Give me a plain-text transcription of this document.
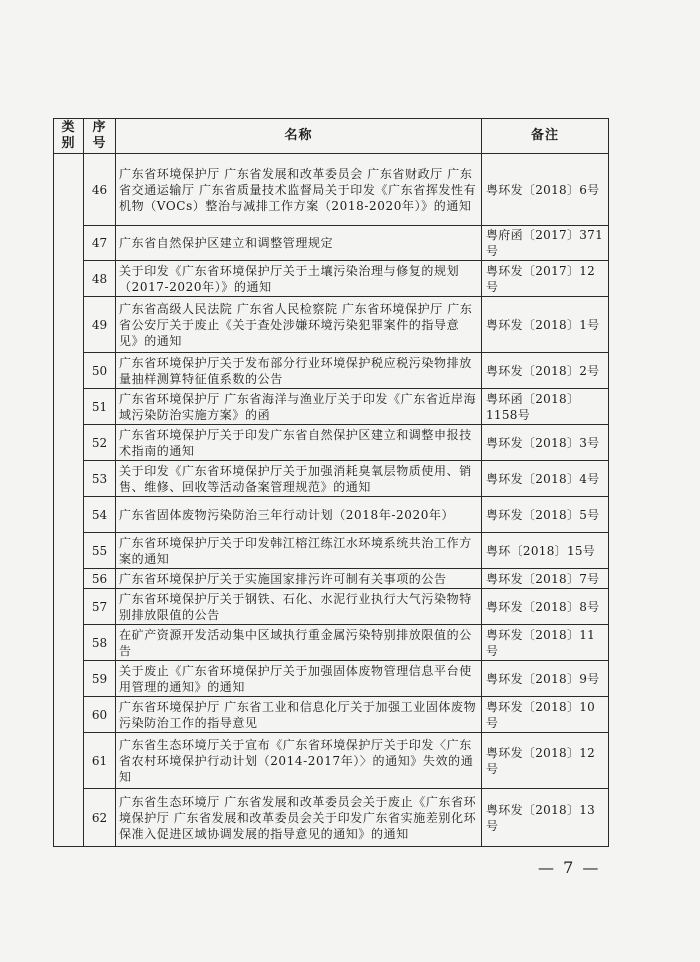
类别	序号	名称	备注
	46	广东省环境保护厅 广东省发展和改革委员会 广东省财政厅 广东省交通运输厅 广东省质量技术监督局关于印发《广东省挥发性有机物（VOCs）整治与减排工作方案（2018-2020年）》的通知	粤环发〔2018〕6号
	47	广东省自然保护区建立和调整管理规定	粤府函〔2017〕371号
	48	关于印发《广东省环境保护厅关于土壤污染治理与修复的规划（2017-2020年）》的通知	粤环发〔2017〕12号
	49	广东省高级人民法院 广东省人民检察院 广东省环境保护厅 广东省公安厅关于废止《关于查处涉嫌环境污染犯罪案件的指导意见》的通知	粤环发〔2018〕1号
	50	广东省环境保护厅关于发布部分行业环境保护税应税污染物排放量抽样测算特征值系数的公告	粤环发〔2018〕2号
	51	广东省环境保护厅 广东省海洋与渔业厅关于印发《广东省近岸海域污染防治实施方案》的函	粤环函〔2018〕1158号
	52	广东省环境保护厅关于印发广东省自然保护区建立和调整申报技术指南的通知	粤环发〔2018〕3号
	53	关于印发《广东省环境保护厅关于加强消耗臭氧层物质使用、销售、维修、回收等活动备案管理规范》的通知	粤环发〔2018〕4号
	54	广东省固体废物污染防治三年行动计划（2018年-2020年）	粤环发〔2018〕5号
	55	广东省环境保护厅关于印发韩江榕江练江水环境系统共治工作方案的通知	粤环〔2018〕15号
	56	广东省环境保护厅关于实施国家排污许可制有关事项的公告	粤环发〔2018〕7号
	57	广东省环境保护厅关于钢铁、石化、水泥行业执行大气污染物特别排放限值的公告	粤环发〔2018〕8号
	58	在矿产资源开发活动集中区域执行重金属污染特别排放限值的公告	粤环发〔2018〕11号
	59	关于废止《广东省环境保护厅关于加强固体废物管理信息平台使用管理的通知》的通知	粤环发〔2018〕9号
	60	广东省环境保护厅 广东省工业和信息化厅关于加强工业固体废物污染防治工作的指导意见	粤环发〔2018〕10号
	61	广东省生态环境厅关于宣布《广东省环境保护厅关于印发〈广东省农村环境保护行动计划（2014-2017年）〉的通知》失效的通知	粤环发〔2018〕12号
	62	广东省生态环境厅 广东省发展和改革委员会关于废止《广东省环境保护厅 广东省发展和改革委员会关于印发广东省实施差别化环保准入促进区域协调发展的指导意见的通知》的通知	粤环发〔2018〕13号
— 7 —
